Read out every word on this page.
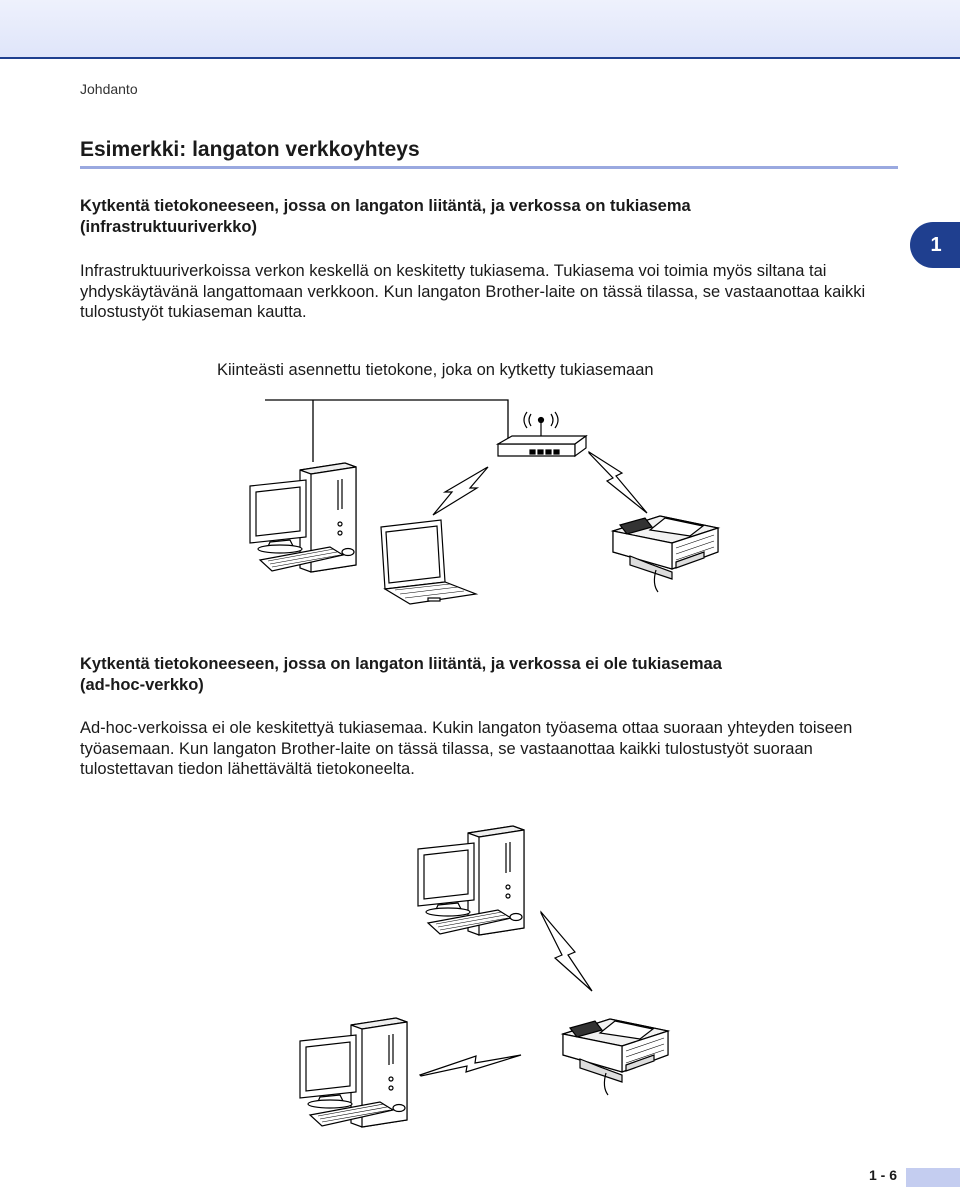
Johdanto
Esimerkki: langaton verkkoyhteys
1
Kytkentä tietokoneeseen, jossa on langaton liitäntä, ja verkossa on tukiasema
(infrastruktuuriverkko)
Infrastruktuuriverkoissa verkon keskellä on keskitetty tukiasema. Tukiasema voi toimia myös siltana tai
yhdyskäytävänä langattomaan verkkoon. Kun langaton Brother-laite on tässä tilassa, se vastaanottaa kaikki
tulostustyöt tukiaseman kautta.
Kiinteästi asennettu tietokone, joka on kytketty tukiasemaan
Kytkentä tietokoneeseen, jossa on langaton liitäntä, ja verkossa ei ole tukiasemaa
(ad-hoc-verkko)
Ad-hoc-verkoissa ei ole keskitettyä tukiasemaa. Kukin langaton työasema ottaa suoraan yhteyden toiseen
työasemaan. Kun langaton Brother-laite on tässä tilassa, se vastaanottaa kaikki tulostustyöt suoraan
tulostettavan tiedon lähettävältä tietokoneelta.
1 - 6
